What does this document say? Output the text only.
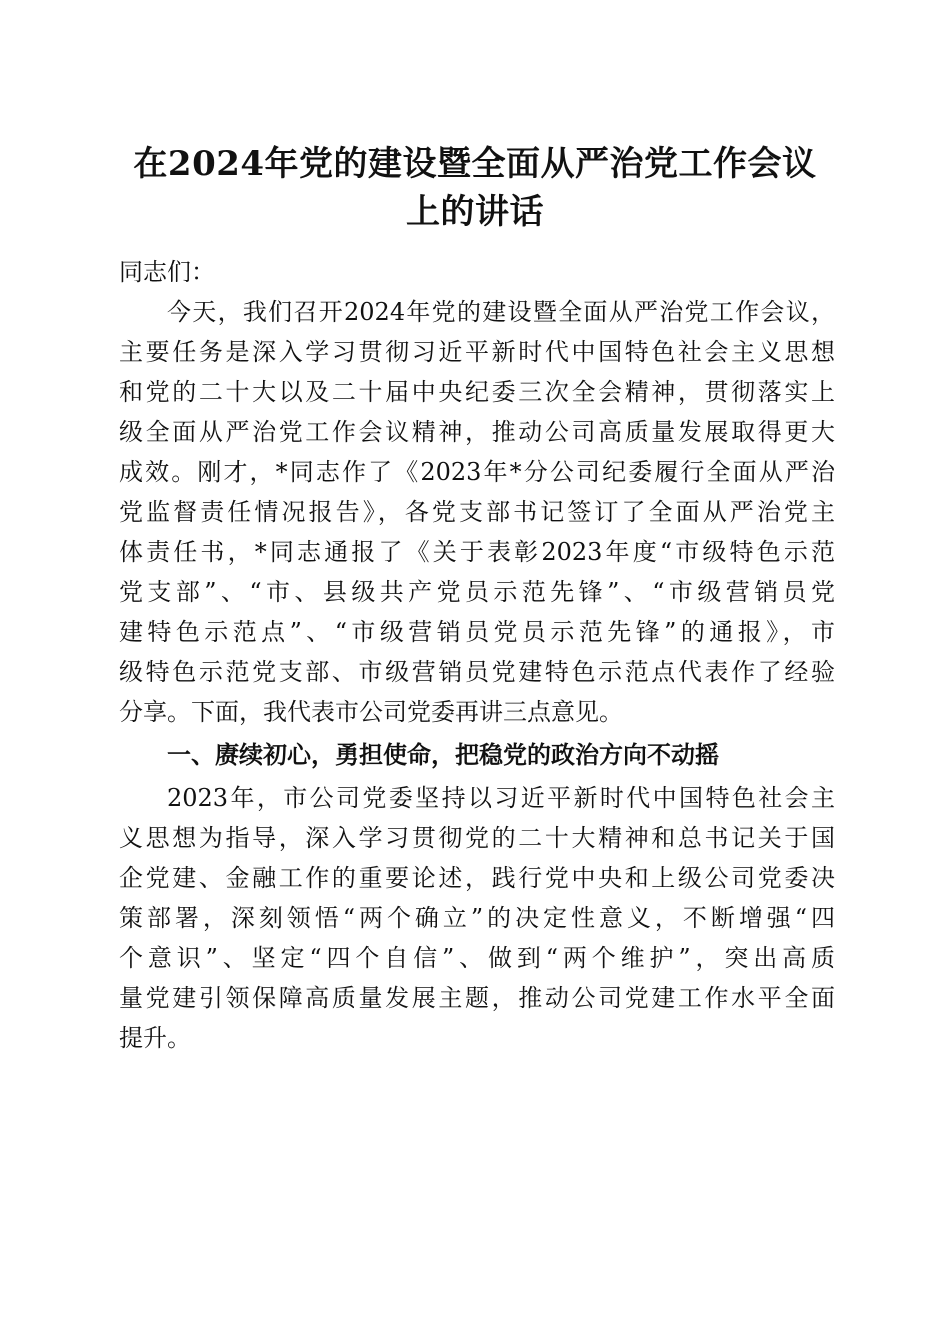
在2024年党的建设暨全面从严治党工作会议
上的讲话

同志们：

今天，我们召开2024年党的建设暨全面从严治党工作会议，
主要任务是深入学习贯彻习近平新时代中国特色社会主义思想
和党的二十大以及二十届中央纪委三次全会精神，贯彻落实上
级全面从严治党工作会议精神，推动公司高质量发展取得更大
成效。刚才，*同志作了《2023年*分公司纪委履行全面从严治
党监督责任情况报告》，各党支部书记签订了全面从严治党主
体责任书，*同志通报了《关于表彰2023年度“市级特色示范
党支部”、“市、县级共产党员示范先锋”、“市级营销员党
建特色示范点”、“市级营销员党员示范先锋”的通报》，市
级特色示范党支部、市级营销员党建特色示范点代表作了经验
分享。下面，我代表市公司党委再讲三点意见。

一、赓续初心，勇担使命，把稳党的政治方向不动摇

2023年，市公司党委坚持以习近平新时代中国特色社会主
义思想为指导，深入学习贯彻党的二十大精神和总书记关于国
企党建、金融工作的重要论述，践行党中央和上级公司党委决
策部署，深刻领悟“两个确立”的决定性意义，不断增强“四
个意识”、坚定“四个自信”、做到“两个维护”，突出高质
量党建引领保障高质量发展主题，推动公司党建工作水平全面
提升。
